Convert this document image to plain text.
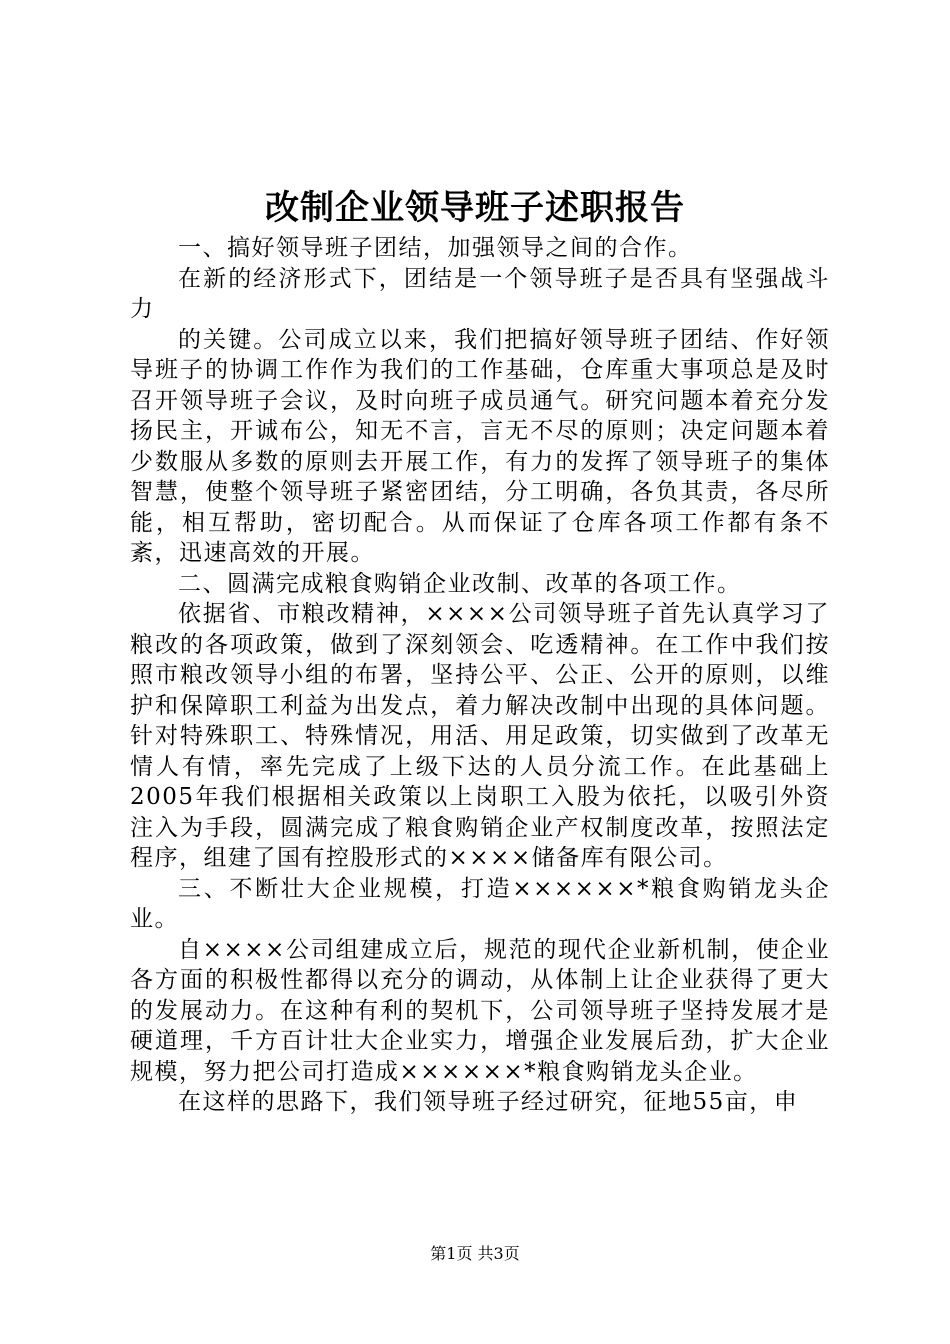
改制企业领导班子述职报告

一、搞好领导班子团结，加强领导之间的合作。

在新的经济形式下，团结是一个领导班子是否具有坚强战斗力

的关键。公司成立以来，我们把搞好领导班子团结、作好领导班子的协调工作作为我们的工作基础，仓库重大事项总是及时召开领导班子会议，及时向班子成员通气。研究问题本着充分发扬民主，开诚布公，知无不言，言无不尽的原则；决定问题本着少数服从多数的原则去开展工作，有力的发挥了领导班子的集体智慧，使整个领导班子紧密团结，分工明确，各负其责，各尽所能，相互帮助，密切配合。从而保证了仓库各项工作都有条不紊，迅速高效的开展。

二、圆满完成粮食购销企业改制、改革的各项工作。

依据省、市粮改精神，××××公司领导班子首先认真学习了粮改的各项政策，做到了深刻领会、吃透精神。在工作中我们按照市粮改领导小组的布署，坚持公平、公正、公开的原则，以维护和保障职工利益为出发点，着力解决改制中出现的具体问题。针对特殊职工、特殊情况，用活、用足政策，切实做到了改革无情人有情，率先完成了上级下达的人员分流工作。在此基础上2005年我们根据相关政策以上岗职工入股为依托，以吸引外资注入为手段，圆满完成了粮食购销企业产权制度改革，按照法定程序，组建了国有控股形式的××××储备库有限公司。

三、不断壮大企业规模，打造××××××*粮食购销龙头企业。

自××××公司组建成立后，规范的现代企业新机制，使企业各方面的积极性都得以充分的调动，从体制上让企业获得了更大的发展动力。在这种有利的契机下，公司领导班子坚持发展才是硬道理，千方百计壮大企业实力，增强企业发展后劲，扩大企业规模，努力把公司打造成××××××*粮食购销龙头企业。

在这样的思路下，我们领导班子经过研究，征地55亩，申

第1页 共3页
